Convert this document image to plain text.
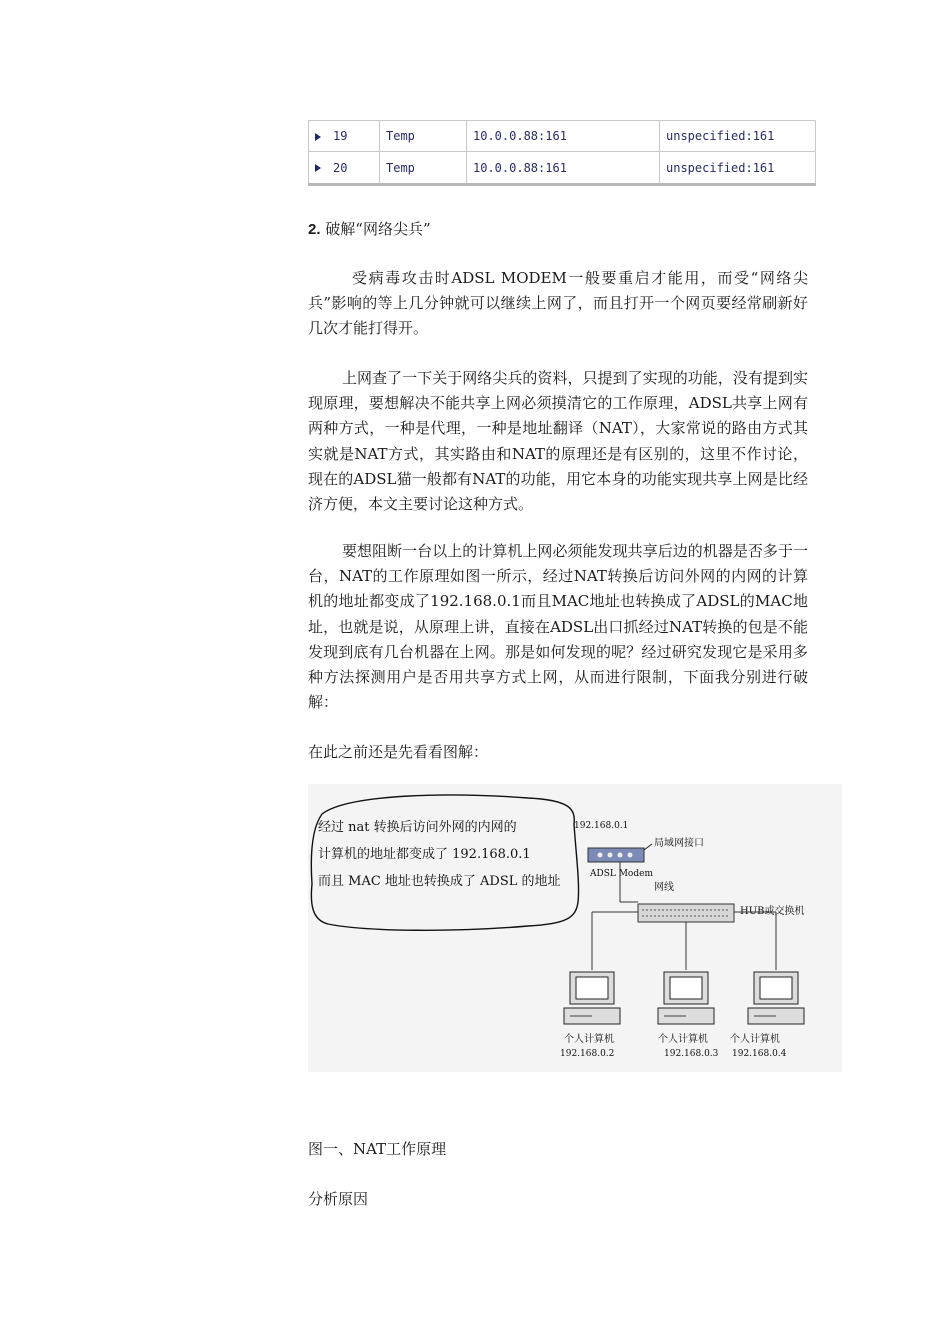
19	Temp	10.0.0.88:161	unspecified:161
20	Temp	10.0.0.88:161	unspecified:161
2. 破解“网络尖兵”
受病毒攻击时ADSL MODEM一般要重启才能用，而受“网络尖兵”影响的等上几分钟就可以继续上网了，而且打开一个网页要经常刷新好几次才能打得开。
上网查了一下关于网络尖兵的资料，只提到了实现的功能，没有提到实现原理，要想解决不能共享上网必须摸清它的工作原理，ADSL共享上网有两种方式，一种是代理，一种是地址翻译（NAT），大家常说的路由方式其实就是NAT方式，其实路由和NAT的原理还是有区别的，这里不作讨论，现在的ADSL猫一般都有NAT的功能，用它本身的功能实现共享上网是比经济方便，本文主要讨论这种方式。
要想阻断一台以上的计算机上网必须能发现共享后边的机器是否多于一台，NAT的工作原理如图一所示，经过NAT转换后访问外网的内网的计算机的地址都变成了192.168.0.1而且MAC地址也转换成了ADSL的MAC地址，也就是说，从原理上讲，直接在ADSL出口抓经过NAT转换的包是不能发现到底有几台机器在上网。那是如何发现的呢？经过研究发现它是采用多种方法探测用户是否用共享方式上网，从而进行限制，下面我分别进行破解：
在此之前还是先看看图解：
经过 nat 转换后访问外网的内网的
计算机的地址都变成了 192.168.0.1
而且 MAC 地址也转换成了 ADSL 的地址
192.168.0.1
局域网接口
ADSL Modem
网线
HUB或交换机
个人计算机
192.168.0.2
个人计算机
192.168.0.3
个人计算机
192.168.0.4
图一、NAT工作原理
分析原因
